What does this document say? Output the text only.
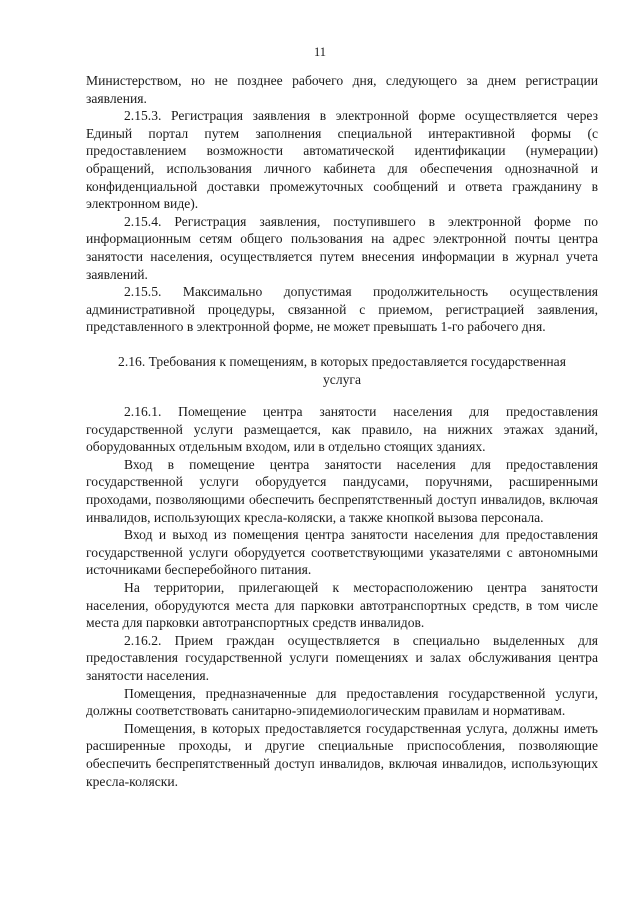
11

Министерством, но не позднее рабочего дня, следующего за днем регистрации заявления.

2.15.3. Регистрация заявления в электронной форме осуществляется через Единый портал путем заполнения специальной интерактивной формы (с предоставлением возможности автоматической идентификации (нумерации) обращений, использования личного кабинета для обеспечения однозначной и конфиденциальной доставки промежуточных сообщений и ответа гражданину в электронном виде).

2.15.4. Регистрация заявления, поступившего в электронной форме по информационным сетям общего пользования на адрес электронной почты центра занятости населения, осуществляется путем внесения информации в журнал учета заявлений.

2.15.5. Максимально допустимая продолжительность осуществления административной процедуры, связанной с приемом, регистрацией заявления, представленного в электронной форме, не может превышать 1-го рабочего дня.

2.16. Требования к помещениям, в которых предоставляется государственная услуга

2.16.1. Помещение центра занятости населения для предоставления государственной услуги размещается, как правило, на нижних этажах зданий, оборудованных отдельным входом, или в отдельно стоящих зданиях.

Вход в помещение центра занятости населения для предоставления государственной услуги оборудуется пандусами, поручнями, расширенными проходами, позволяющими обеспечить беспрепятственный доступ инвалидов, включая инвалидов, использующих кресла-коляски, а также кнопкой вызова персонала.

Вход и выход из помещения центра занятости населения для предоставления государственной услуги оборудуется соответствующими указателями с автономными источниками бесперебойного питания.

На территории, прилегающей к месторасположению центра занятости населения, оборудуются места для парковки автотранспортных средств, в том числе места для парковки автотранспортных средств инвалидов.

2.16.2. Прием граждан осуществляется в специально выделенных для предоставления государственной услуги помещениях и залах обслуживания центра занятости населения.

Помещения, предназначенные для предоставления государственной услуги, должны соответствовать санитарно-эпидемиологическим правилам и нормативам.

Помещения, в которых предоставляется государственная услуга, должны иметь расширенные проходы, и другие специальные приспособления, позволяющие обеспечить беспрепятственный доступ инвалидов, включая инвалидов, использующих кресла-коляски.
